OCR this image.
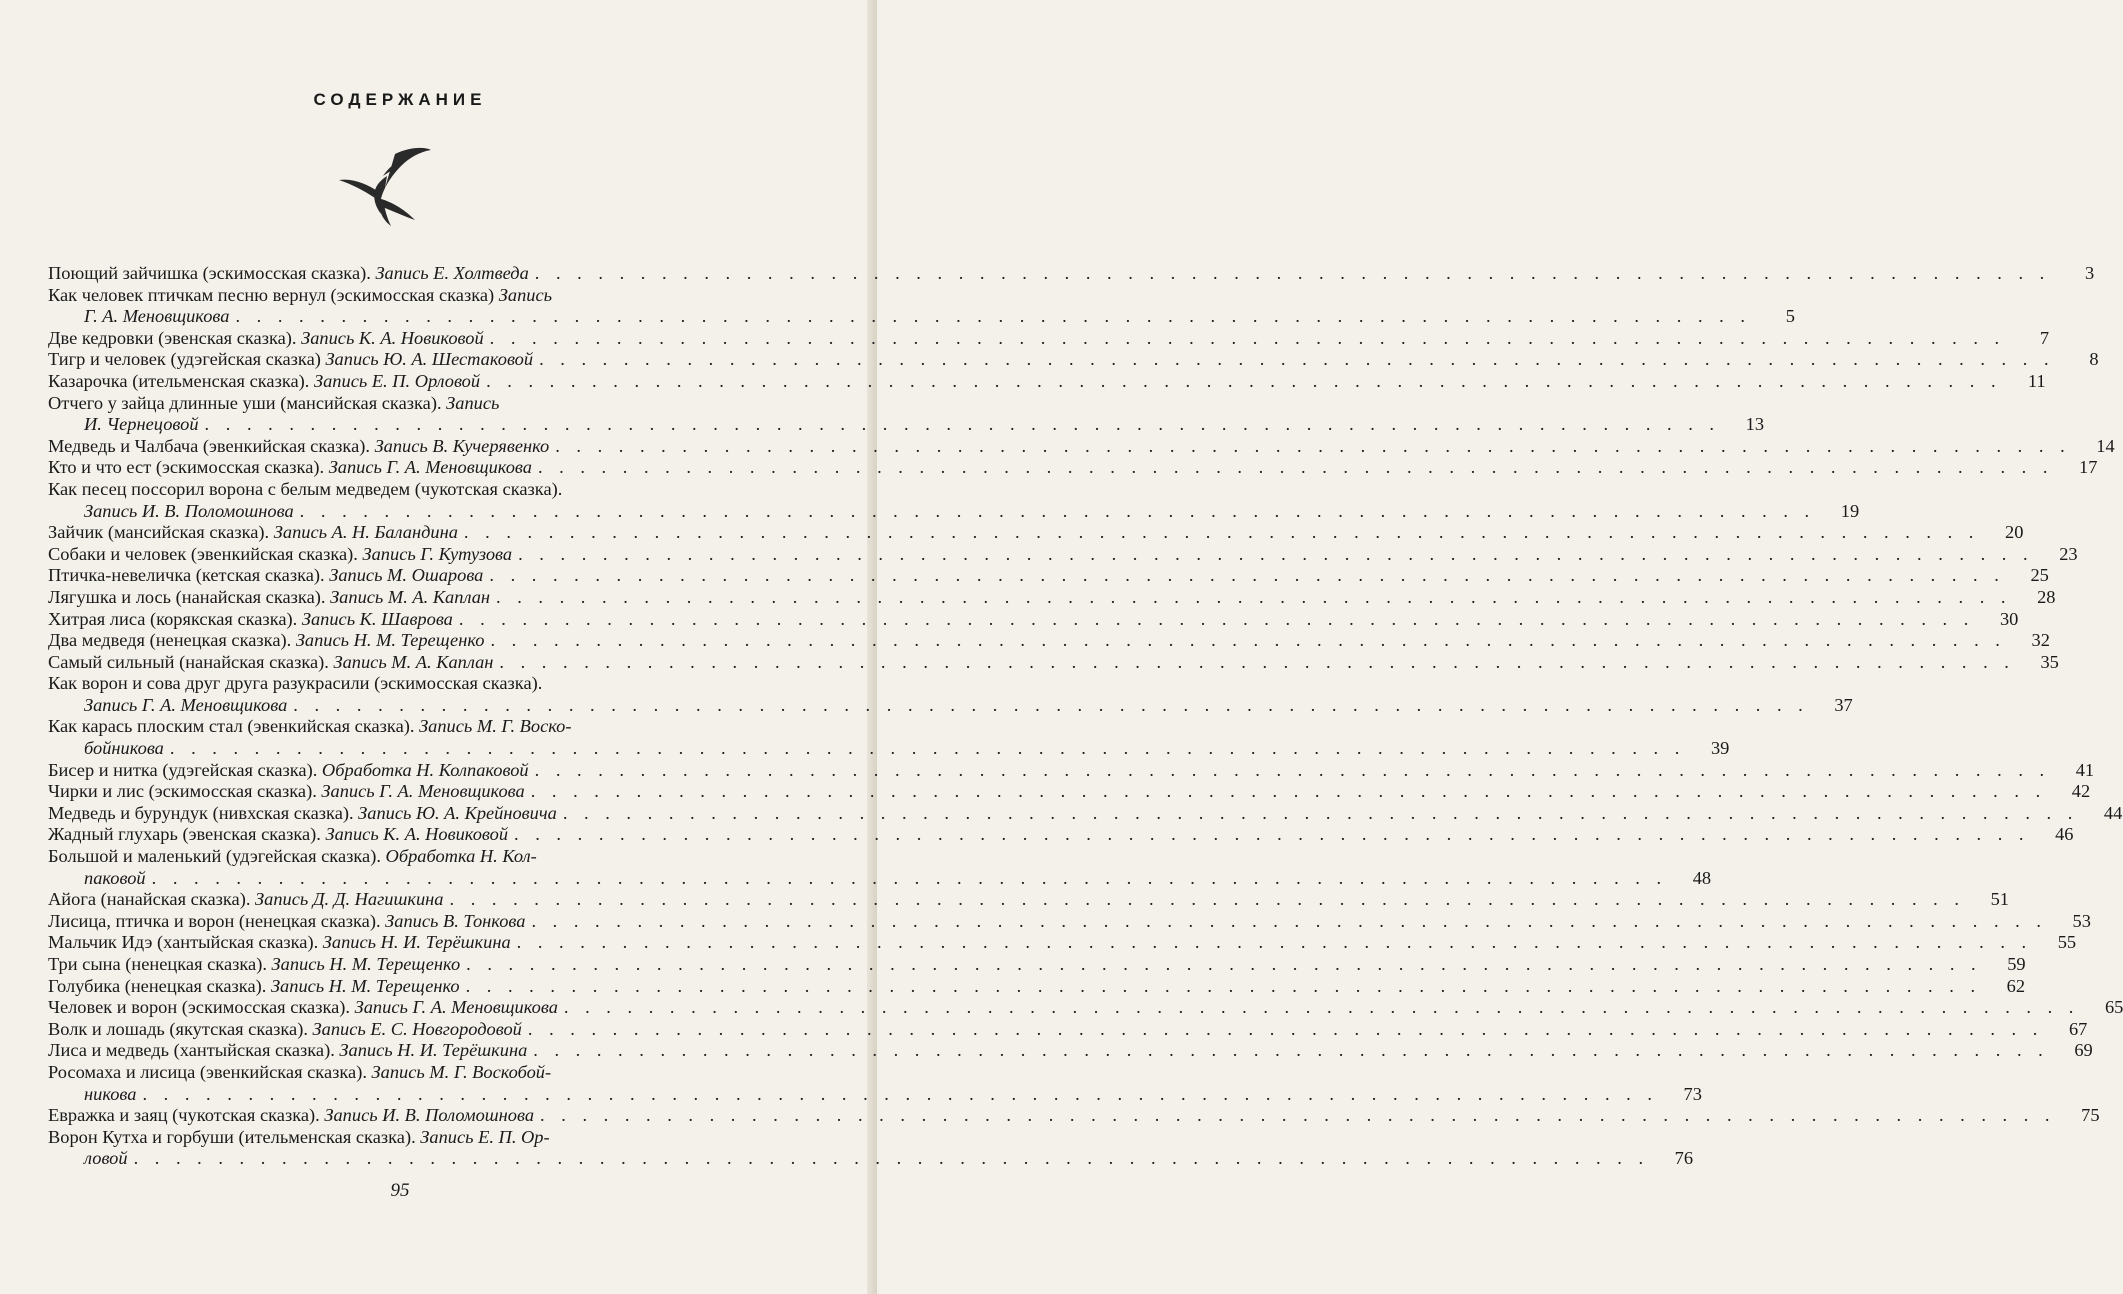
СОДЕРЖАНИЕ
Поющий зайчишка (эскимосская сказка). Запись Е. Холтведа . . .	3
Как человек птичкам песню вернул (эскимосская сказка) Запись
Г. А. Меновщикова . . .	5
Две кедровки (эвенская сказка). Запись К. А. Новиковой . . .	7
Тигр и человек (удэгейская сказка) Запись Ю. А. Шестаковой . . .	8
Казарочка (ительменская сказка). Запись Е. П. Орловой . . .	11
Отчего у зайца длинные уши (мансийская сказка). Запись
И. Чернецовой . . .	13
Медведь и Чалбача (эвенкийская сказка). Запись В. Кучерявенко . . .	14
Кто и что ест (эскимосская сказка). Запись Г. А. Меновщикова . . .	17
Как песец поссорил ворона с белым медведем (чукотская сказка).
Запись И. В. Поломошнова . . .	19
Зайчик (мансийская сказка). Запись А. Н. Баландина . . .	20
Собаки и человек (эвенкийская сказка). Запись Г. Кутузова . . .	23
Птичка-невеличка (кетская сказка). Запись М. Ошарова . . .	25
Лягушка и лось (нанайская сказка). Запись М. А. Каплан . . .	28
Хитрая лиса (корякская сказка). Запись К. Шаврова . . .	30
Два медведя (ненецкая сказка). Запись Н. М. Терещенко . . .	32
Самый сильный (нанайская сказка). Запись М. А. Каплан . . .	35
Как ворон и сова друг друга разукрасили (эскимосская сказка).
Запись Г. А. Меновщикова . . .	37
Как карась плоским стал (эвенкийская сказка). Запись М. Г. Воско-
бойникова . . .	39
Бисер и нитка (удэгейская сказка). Обработка Н. Колпаковой . . .	41
Чирки и лис (эскимосская сказка). Запись Г. А. Меновщикова . . .	42
Медведь и бурундук (нивхская сказка). Запись Ю. А. Крейновича . . .	44
Жадный глухарь (эвенская сказка). Запись К. А. Новиковой . . .	46
Большой и маленький (удэгейская сказка). Обработка Н. Кол-
паковой . . .	48
Айога (нанайская сказка). Запись Д. Д. Нагишкина . . .	51
Лисица, птичка и ворон (ненецкая сказка). Запись В. Тонкова . . .	53
Мальчик Идэ (хантыйская сказка). Запись Н. И. Терёшкина . . .	55
Три сына (ненецкая сказка). Запись Н. М. Терещенко . . .	59
Голубика (ненецкая сказка). Запись Н. М. Терещенко . . .	62
Человек и ворон (эскимосская сказка). Запись Г. А. Меновщикова . . .	65
Волк и лошадь (якутская сказка). Запись Е. С. Новгородовой . . .	67
Лиса и медведь (хантыйская сказка). Запись Н. И. Терёшкина . . .	69
Росомаха и лисица (эвенкийская сказка). Запись М. Г. Воскобой-
никова . . .	73
Евражка и заяц (чукотская сказка). Запись И. В. Поломошнова . . .	75
Ворон Кутха и горбуши (ительменская сказка). Запись Е. П. Ор-
ловой . . .	76
95
